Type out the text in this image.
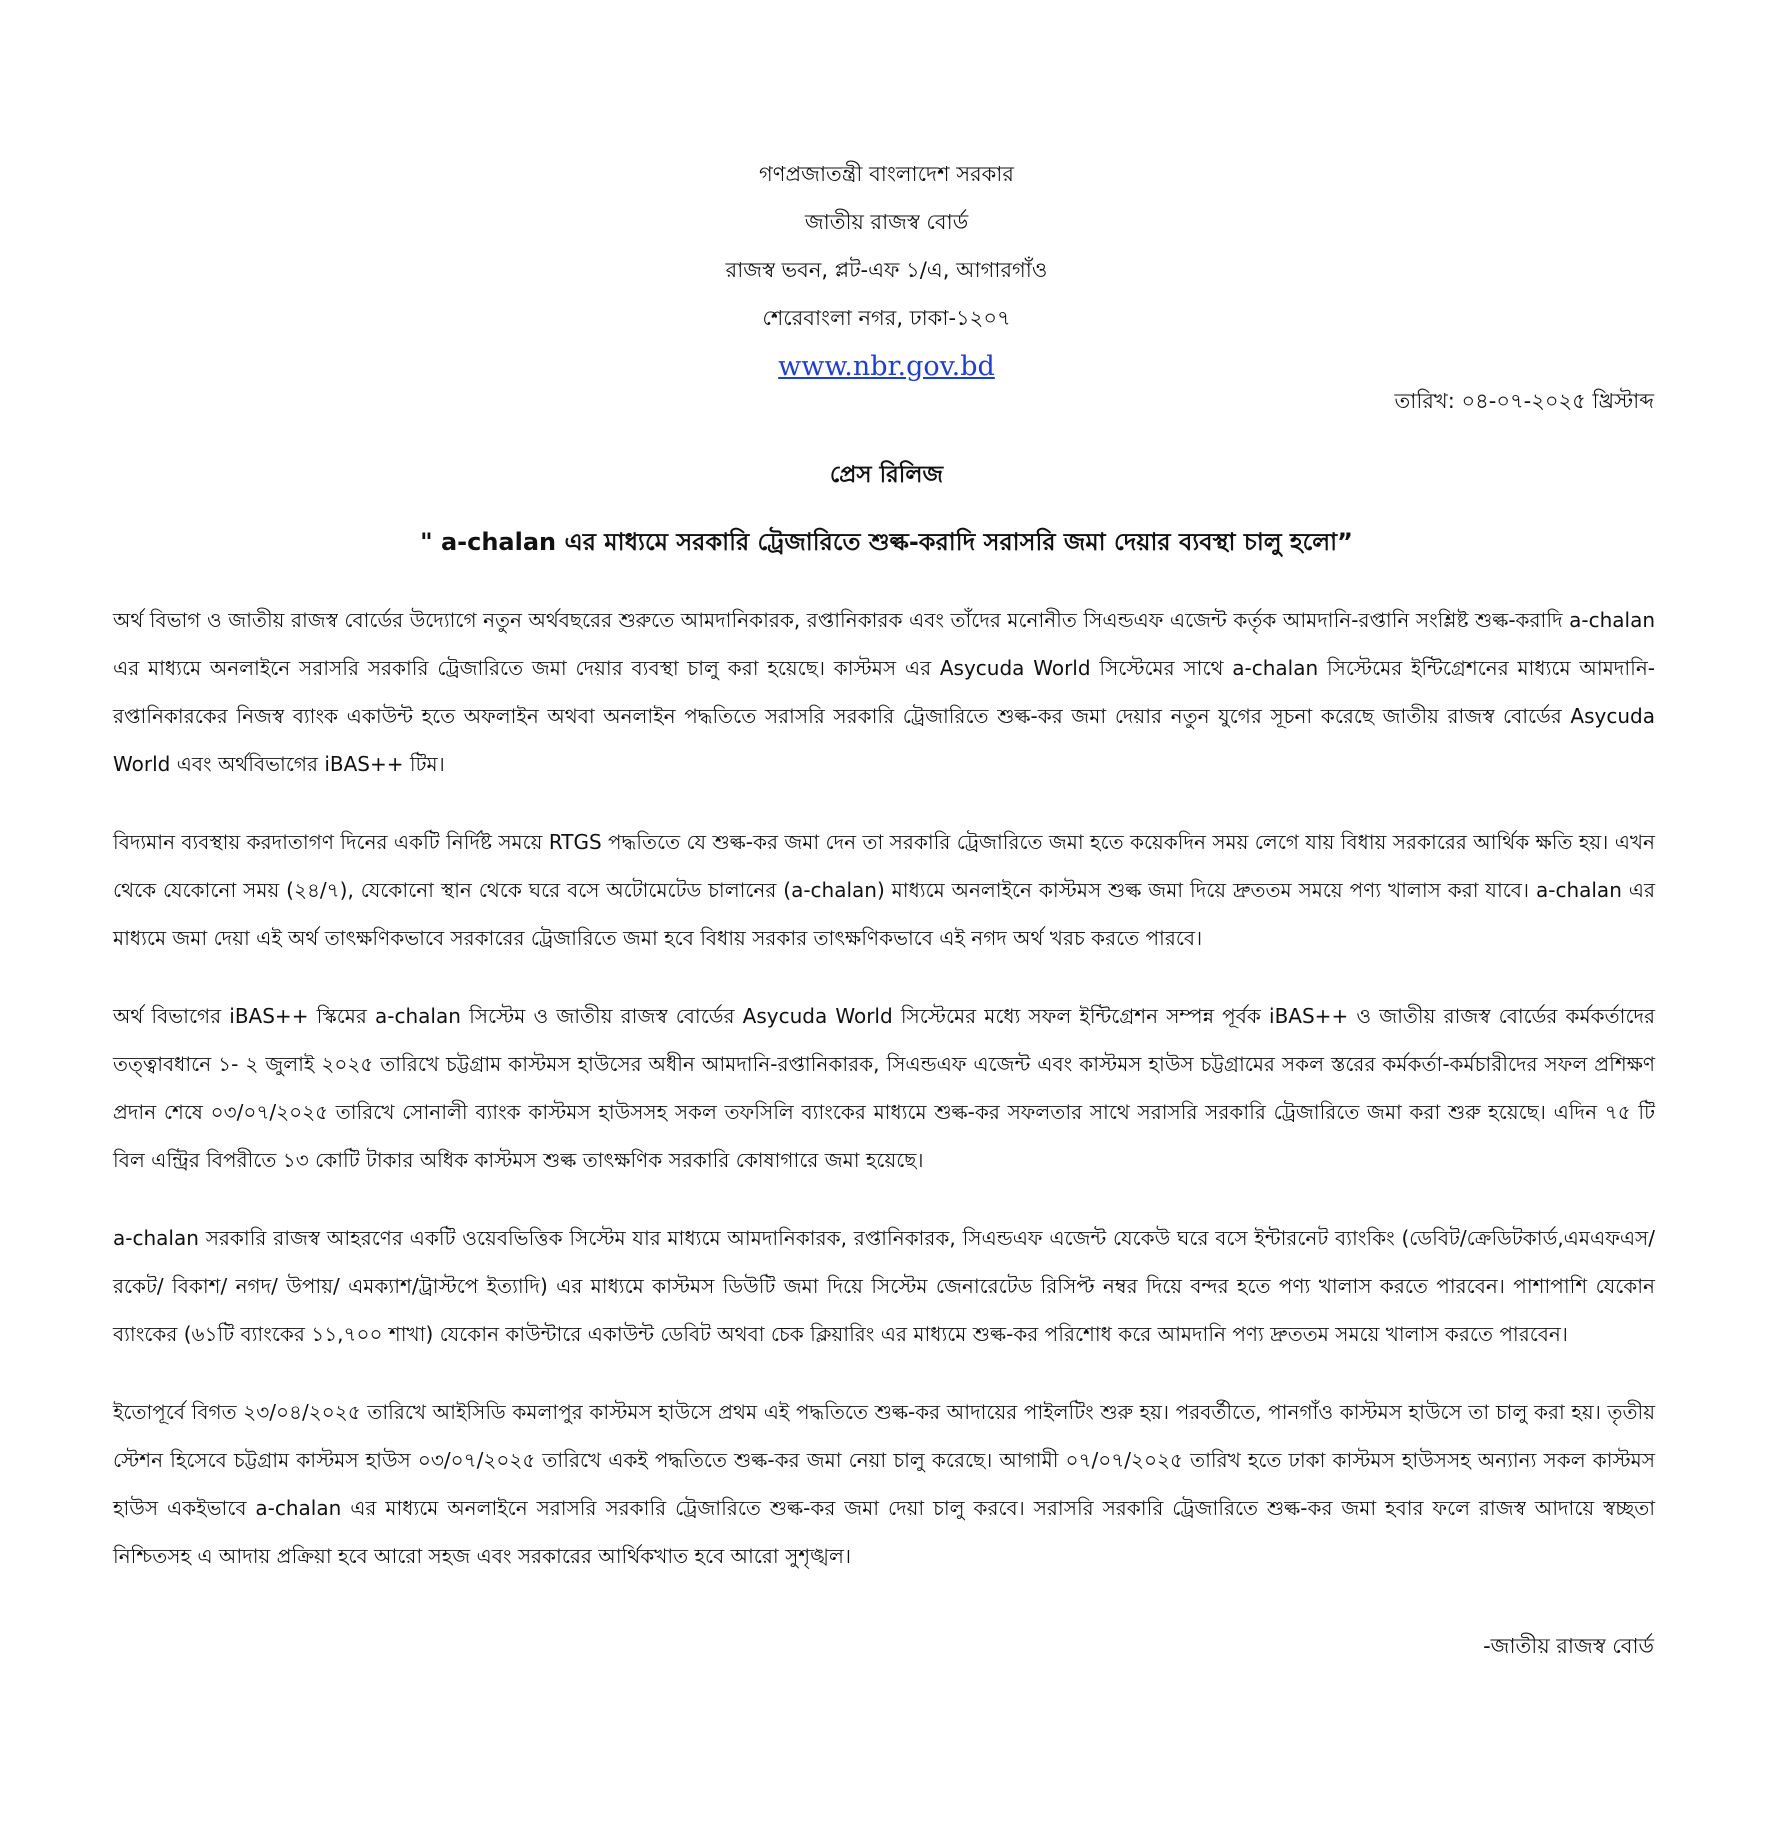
গণপ্রজাতন্ত্রী বাংলাদেশ সরকার
জাতীয় রাজস্ব বোর্ড
রাজস্ব ভবন, প্লট-এফ ১/এ, আগারগাঁও
শেরেবাংলা নগর, ঢাকা-১২০৭
www.nbr.gov.bd
তারিখ: ০৪-০৭-২০২৫ খ্রিস্টাব্দ
প্রেস রিলিজ
" a-chalan এর মাধ্যমে সরকারি ট্রেজারিতে শুল্ক-করাদি সরাসরি জমা দেয়ার ব্যবস্থা চালু হলো”

অর্থ বিভাগ ও জাতীয় রাজস্ব বোর্ডের উদ্যোগে নতুন অর্থবছরের শুরুতে আমদানিকারক, রপ্তানিকারক এবং তাঁদের মনোনীত সিএন্ডএফ এজেন্ট কর্তৃক আমদানি-রপ্তানি সংশ্লিষ্ট শুল্ক-করাদি a-chalan এর মাধ্যমে অনলাইনে সরাসরি সরকারি ট্রেজারিতে জমা দেয়ার ব্যবস্থা চালু করা হয়েছে। কাস্টমস এর Asycuda World সিস্টেমের সাথে a-chalan সিস্টেমের ইন্টিগ্রেশনের মাধ্যমে আমদানি-রপ্তানিকারকের নিজস্ব ব্যাংক একাউন্ট হতে অফলাইন অথবা অনলাইন পদ্ধতিতে সরাসরি সরকারি ট্রেজারিতে শুল্ক-কর জমা দেয়ার নতুন যুগের সূচনা করেছে জাতীয় রাজস্ব বোর্ডের Asycuda World এবং অর্থবিভাগের iBAS++ টিম।

বিদ্যমান ব্যবস্থায় করদাতাগণ দিনের একটি নির্দিষ্ট সময়ে RTGS পদ্ধতিতে যে শুল্ক-কর জমা দেন তা সরকারি ট্রেজারিতে জমা হতে কয়েকদিন সময় লেগে যায় বিধায় সরকারের আর্থিক ক্ষতি হয়। এখন থেকে যেকোনো সময় (২৪/৭), যেকোনো স্থান থেকে ঘরে বসে অটোমেটেড চালানের (a-chalan) মাধ্যমে অনলাইনে কাস্টমস শুল্ক জমা দিয়ে দ্রুততম সময়ে পণ্য খালাস করা যাবে। a-chalan এর মাধ্যমে জমা দেয়া এই অর্থ তাৎক্ষণিকভাবে সরকারের ট্রেজারিতে জমা হবে বিধায় সরকার তাৎক্ষণিকভাবে এই নগদ অর্থ খরচ করতে পারবে।

অর্থ বিভাগের iBAS++ স্কিমের a-chalan সিস্টেম ও জাতীয় রাজস্ব বোর্ডের Asycuda World সিস্টেমের মধ্যে সফল ইন্টিগ্রেশন সম্পন্ন পূর্বক iBAS++ ও জাতীয় রাজস্ব বোর্ডের কর্মকর্তাদের তত্ত্বাবধানে ১- ২ জুলাই ২০২৫ তারিখে চট্টগ্রাম কাস্টমস হাউসের অধীন আমদানি-রপ্তানিকারক, সিএন্ডএফ এজেন্ট এবং কাস্টমস হাউস চট্টগ্রামের সকল স্তরের কর্মকর্তা-কর্মচারীদের সফল প্রশিক্ষণ প্রদান শেষে ০৩/০৭/২০২৫ তারিখে সোনালী ব্যাংক কাস্টমস হাউসসহ সকল তফসিলি ব্যাংকের মাধ্যমে শুল্ক-কর সফলতার সাথে সরাসরি সরকারি ট্রেজারিতে জমা করা শুরু হয়েছে। এদিন ৭৫ টি বিল এন্ট্রির বিপরীতে ১৩ কোটি টাকার অধিক কাস্টমস শুল্ক তাৎক্ষণিক সরকারি কোষাগারে জমা হয়েছে।

a-chalan সরকারি রাজস্ব আহরণের একটি ওয়েবভিত্তিক সিস্টেম যার মাধ্যমে আমদানিকারক, রপ্তানিকারক, সিএন্ডএফ এজেন্ট যেকেউ ঘরে বসে ইন্টারনেট ব্যাংকিং (ডেবিট/ক্রেডিটকার্ড,এমএফএস/ রকেট/ বিকাশ/ নগদ/ উপায়/ এমক্যাশ/ট্রাস্টপে ইত্যাদি) এর মাধ্যমে কাস্টমস ডিউটি জমা দিয়ে সিস্টেম জেনারেটেড রিসিপ্ট নম্বর দিয়ে বন্দর হতে পণ্য খালাস করতে পারবেন। পাশাপাশি যেকোন ব্যাংকের (৬১টি ব্যাংকের ১১,৭০০ শাখা) যেকোন কাউন্টারে একাউন্ট ডেবিট অথবা চেক ক্লিয়ারিং এর মাধ্যমে শুল্ক-কর পরিশোধ করে আমদানি পণ্য দ্রুততম সময়ে খালাস করতে পারবেন।

ইতোপূর্বে বিগত ২৩/০৪/২০২৫ তারিখে আইসিডি কমলাপুর কাস্টমস হাউসে প্রথম এই পদ্ধতিতে শুল্ক-কর আদায়ের পাইলটিং শুরু হয়। পরবর্তীতে, পানগাঁও কাস্টমস হাউসে তা চালু করা হয়। তৃতীয় স্টেশন হিসেবে চট্টগ্রাম কাস্টমস হাউস ০৩/০৭/২০২৫ তারিখে একই পদ্ধতিতে শুল্ক-কর জমা নেয়া চালু করেছে। আগামী ০৭/০৭/২০২৫ তারিখ হতে ঢাকা কাস্টমস হাউসসহ অন্যান্য সকল কাস্টমস হাউস একইভাবে a-chalan এর মাধ্যমে অনলাইনে সরাসরি সরকারি ট্রেজারিতে শুল্ক-কর জমা দেয়া চালু করবে। সরাসরি সরকারি ট্রেজারিতে শুল্ক-কর জমা হবার ফলে রাজস্ব আদায়ে স্বচ্ছতা নিশ্চিতসহ এ আদায় প্রক্রিয়া হবে আরো সহজ এবং সরকারের আর্থিকখাত হবে আরো সুশৃঙ্খল।

-জাতীয় রাজস্ব বোর্ড
